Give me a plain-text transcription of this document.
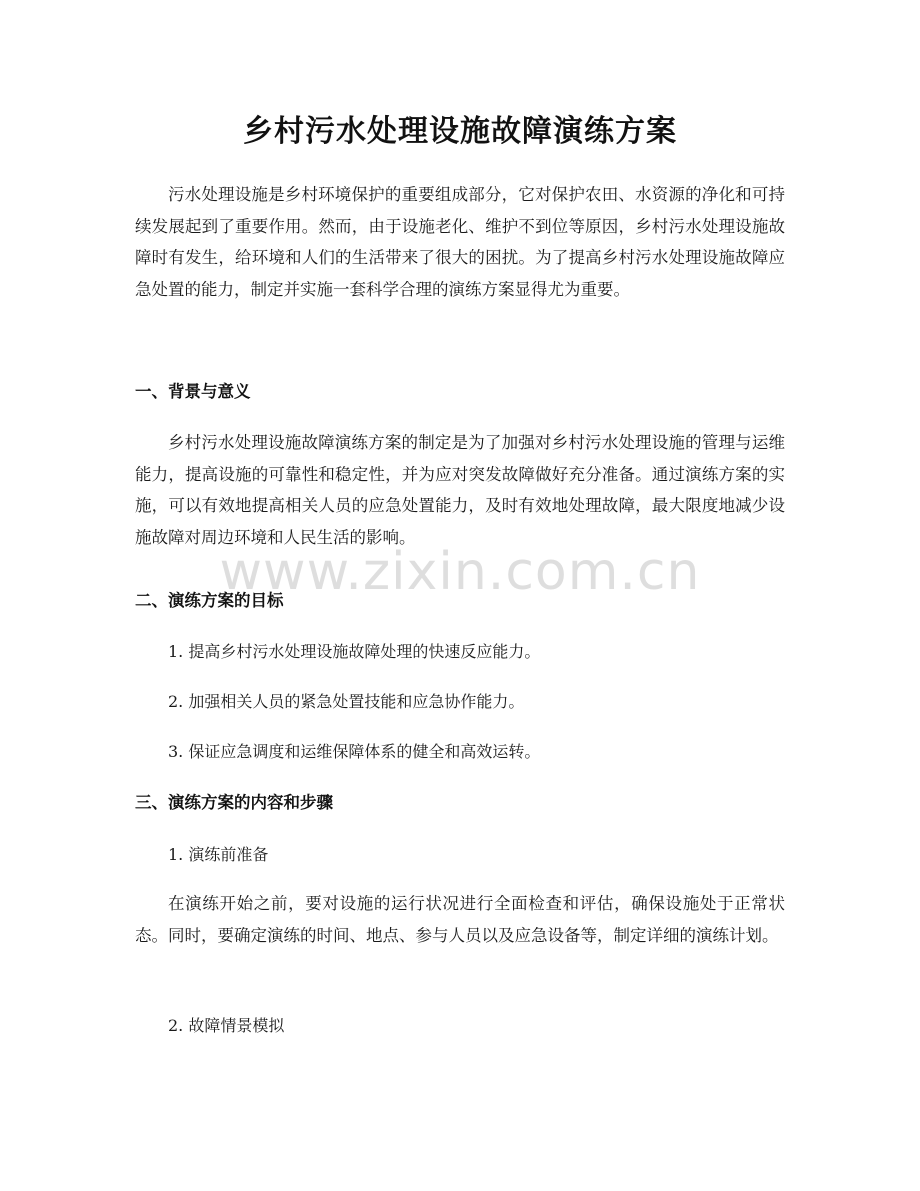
乡村污水处理设施故障演练方案

污水处理设施是乡村环境保护的重要组成部分，它对保护农田、水资源的净化和可持续发展起到了重要作用。然而，由于设施老化、维护不到位等原因，乡村污水处理设施故障时有发生，给环境和人们的生活带来了很大的困扰。为了提高乡村污水处理设施故障应急处置的能力，制定并实施一套科学合理的演练方案显得尤为重要。

一、背景与意义

乡村污水处理设施故障演练方案的制定是为了加强对乡村污水处理设施的管理与运维能力，提高设施的可靠性和稳定性，并为应对突发故障做好充分准备。通过演练方案的实施，可以有效地提高相关人员的应急处置能力，及时有效地处理故障，最大限度地减少设施故障对周边环境和人民生活的影响。

www.zixin.com.cn
二、演练方案的目标
1. 提高乡村污水处理设施故障处理的快速反应能力。
2. 加强相关人员的紧急处置技能和应急协作能力。
3. 保证应急调度和运维保障体系的健全和高效运转。
三、演练方案的内容和步骤
1. 演练前准备

在演练开始之前，要对设施的运行状况进行全面检查和评估，确保设施处于正常状态。同时，要确定演练的时间、地点、参与人员以及应急设备等，制定详细的演练计划。

2. 故障情景模拟
